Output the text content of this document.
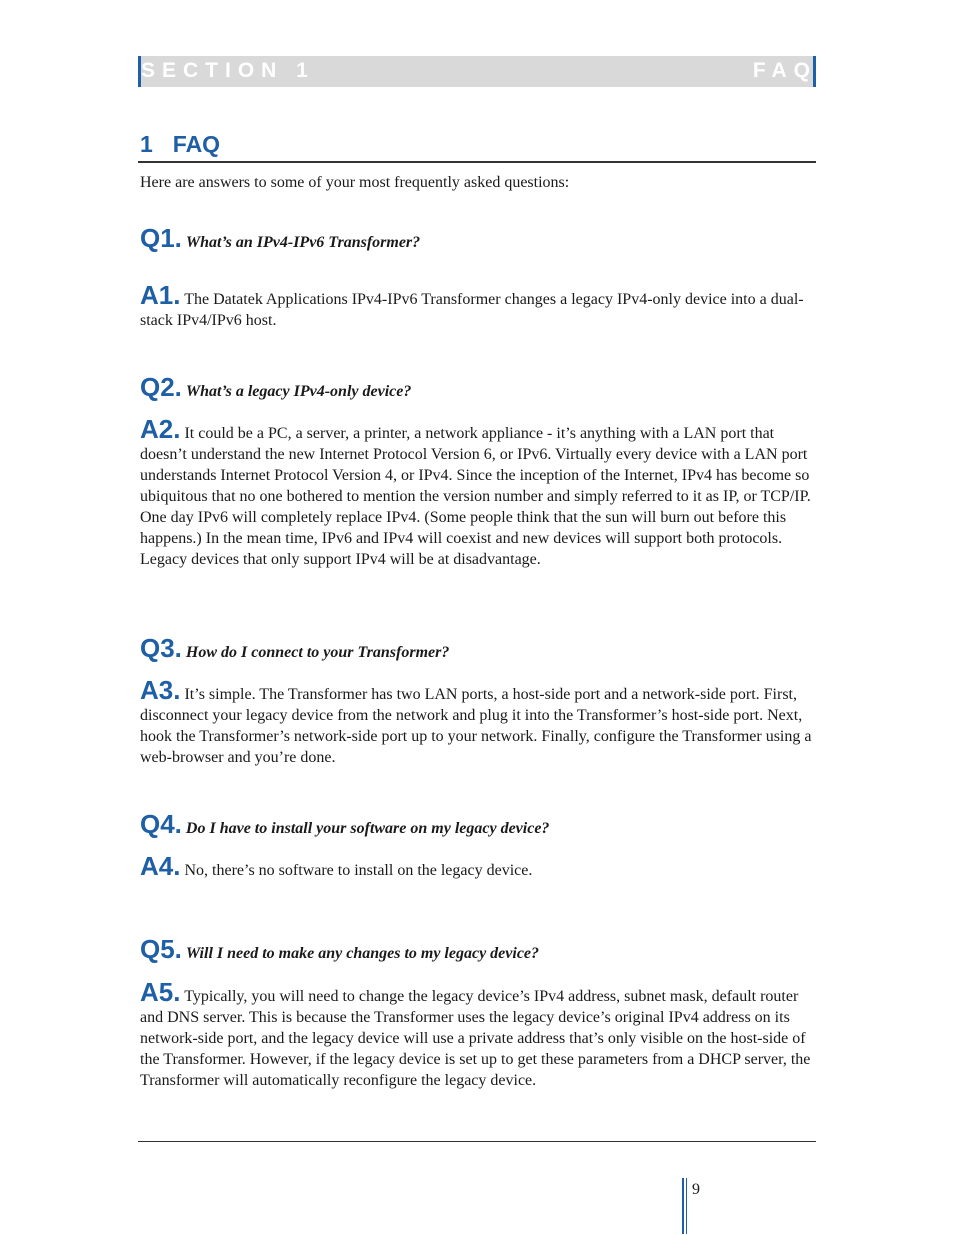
SECTION 1	FAQ
1 FAQ
Here are answers to some of your most frequently asked questions:
Q1. What’s an IPv4-IPv6 Transformer?
A1. The Datatek Applications IPv4-IPv6 Transformer changes a legacy IPv4-only device into a dual-stack IPv4/IPv6 host.
Q2. What’s a legacy IPv4-only device?
A2. It could be a PC, a server, a printer, a network appliance - it’s anything with a LAN port that doesn’t understand the new Internet Protocol Version 6, or IPv6. Virtually every device with a LAN port understands Internet Protocol Version 4, or IPv4. Since the inception of the Internet, IPv4 has become so ubiquitous that no one bothered to mention the version number and simply referred to it as IP, or TCP/IP. One day IPv6 will completely replace IPv4. (Some people think that the sun will burn out before this happens.) In the mean time, IPv6 and IPv4 will coexist and new devices will support both protocols. Legacy devices that only support IPv4 will be at disadvantage.
Q3. How do I connect to your Transformer?
A3. It’s simple. The Transformer has two LAN ports, a host-side port and a network-side port. First, disconnect your legacy device from the network and plug it into the Transformer’s host-side port. Next, hook the Transformer’s network-side port up to your network. Finally, configure the Transformer using a web-browser and you’re done.
Q4. Do I have to install your software on my legacy device?
A4. No, there’s no software to install on the legacy device.
Q5. Will I need to make any changes to my legacy device?
A5. Typically, you will need to change the legacy device’s IPv4 address, subnet mask, default router and DNS server. This is because the Transformer uses the legacy device’s original IPv4 address on its network-side port, and the legacy device will use a private address that’s only visible on the host-side of the Transformer. However, if the legacy device is set up to get these parameters from a DHCP server, the Transformer will automatically reconfigure the legacy device.
9
